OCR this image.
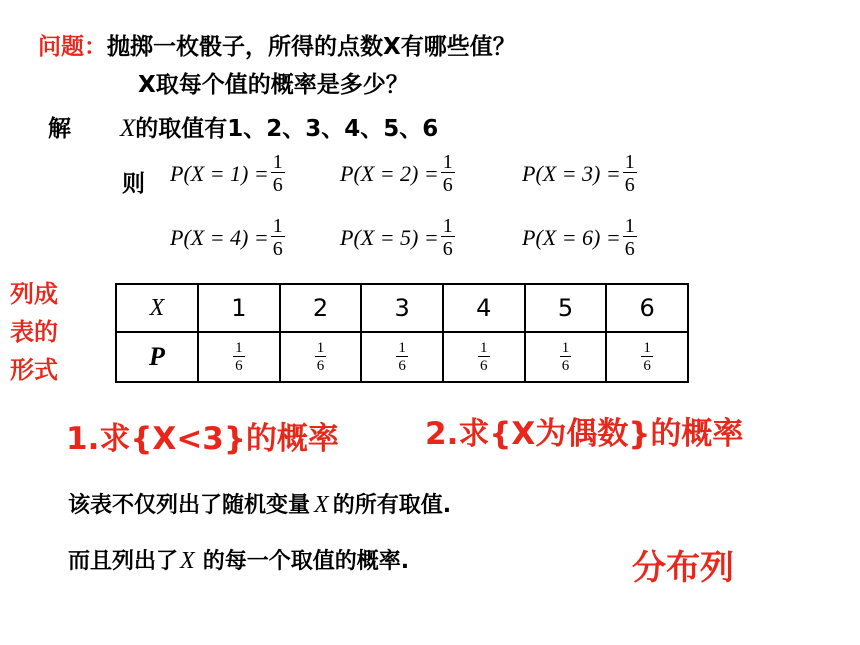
问题：抛掷一枚骰子，所得的点数X有哪些值？
X取每个值的概率是多少？
解 X的取值有1、2、3、4、5、6
则 $P(X = 1) = \frac{1}{6}$	$P(X = 2) = \frac{1}{6}$	$P(X = 3) = \frac{1}{6}$
$P(X = 4) = \frac{1}{6}$	$P(X = 5) = \frac{1}{6}$	$P(X = 6) = \frac{1}{6}$
列成
表的
形式
X	1	2	3	4	5	6
P	$\frac{1}{6}$	$\frac{1}{6}$	$\frac{1}{6}$	$\frac{1}{6}$	$\frac{1}{6}$	$\frac{1}{6}$
1.求{X<3}的概率	2.求{X为偶数}的概率
该表不仅列出了随机变量 X 的所有取值.
而且列出了X 的每一个取值的概率.	分布列
